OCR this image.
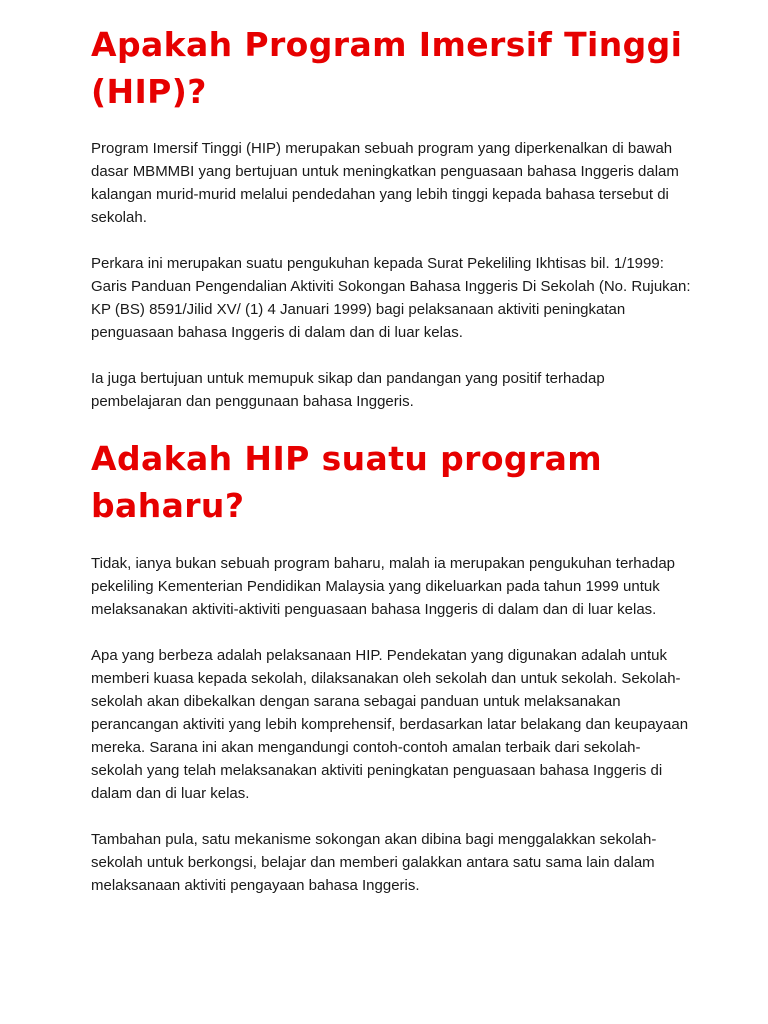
Apakah Program Imersif Tinggi (HIP)?

Program Imersif Tinggi (HIP) merupakan sebuah program yang diperkenalkan di bawah dasar MBMMBI yang bertujuan untuk meningkatkan penguasaan bahasa Inggeris dalam kalangan murid-murid melalui pendedahan yang lebih tinggi kepada bahasa tersebut di sekolah.

Perkara ini merupakan suatu pengukuhan kepada Surat Pekeliling Ikhtisas bil. 1/1999: Garis Panduan Pengendalian Aktiviti Sokongan Bahasa Inggeris Di Sekolah (No. Rujukan: KP (BS) 8591/Jilid XV/ (1) 4 Januari 1999) bagi pelaksanaan aktiviti peningkatan penguasaan bahasa Inggeris di dalam dan di luar kelas.

Ia juga bertujuan untuk memupuk sikap dan pandangan yang positif terhadap pembelajaran dan penggunaan bahasa Inggeris.

Adakah HIP suatu program baharu?

Tidak, ianya bukan sebuah program baharu, malah ia merupakan pengukuhan terhadap pekeliling Kementerian Pendidikan Malaysia yang dikeluarkan pada tahun 1999 untuk melaksanakan aktiviti-aktiviti penguasaan bahasa Inggeris di dalam dan di luar kelas.

Apa yang berbeza adalah pelaksanaan HIP. Pendekatan yang digunakan adalah untuk memberi kuasa kepada sekolah, dilaksanakan oleh sekolah dan untuk sekolah. Sekolah-sekolah akan dibekalkan dengan sarana sebagai panduan untuk melaksanakan perancangan aktiviti yang lebih komprehensif, berdasarkan latar belakang dan keupayaan mereka. Sarana ini akan mengandungi contoh-contoh amalan terbaik dari sekolah-sekolah yang telah melaksanakan aktiviti peningkatan penguasaan bahasa Inggeris di dalam dan di luar kelas.

Tambahan pula, satu mekanisme sokongan akan dibina bagi menggalakkan sekolah-sekolah untuk berkongsi, belajar dan memberi galakkan antara satu sama lain dalam melaksanaan aktiviti pengayaan bahasa Inggeris.
